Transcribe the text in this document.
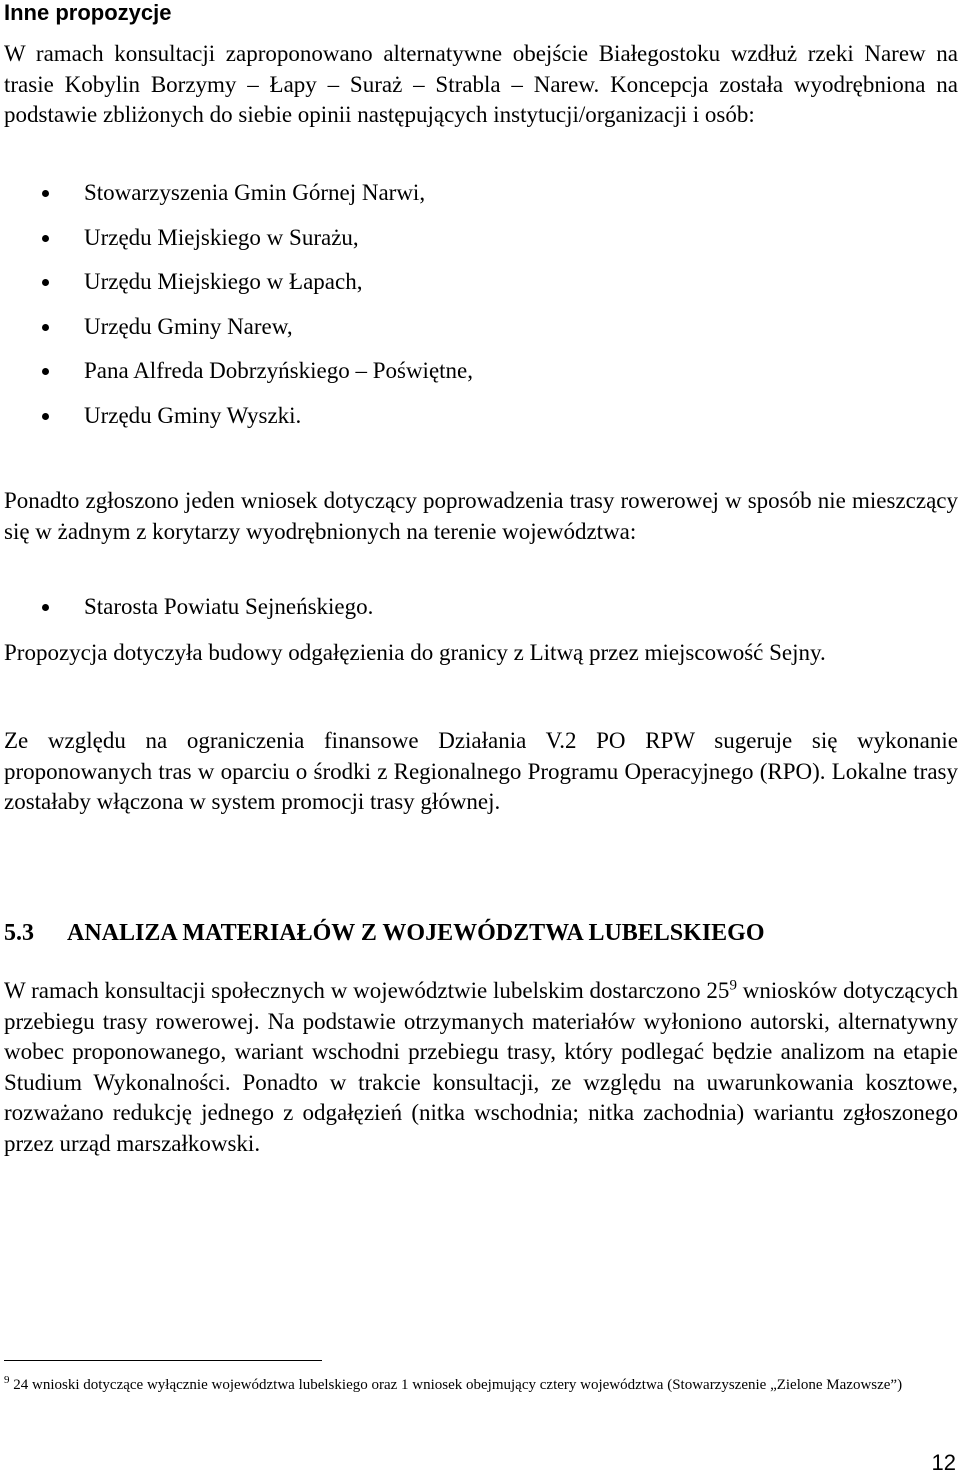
Inne propozycje

W ramach konsultacji zaproponowano alternatywne obejście Białegostoku wzdłuż rzeki Narew na trasie Kobylin Borzymy – Łapy – Suraż – Strabla – Narew. Koncepcja została wyodrębniona na podstawie zbliżonych do siebie opinii następujących instytucji/organizacji i osób:

Stowarzyszenia Gmin Górnej Narwi,
Urzędu Miejskiego w Surażu,
Urzędu Miejskiego w Łapach,
Urzędu Gminy Narew,
Pana Alfreda Dobrzyńskiego – Poświętne,
Urzędu Gminy Wyszki.

Ponadto zgłoszono jeden wniosek dotyczący poprowadzenia trasy rowerowej w sposób nie mieszczący się w żadnym z korytarzy wyodrębnionych na terenie województwa:

Starosta Powiatu Sejneńskiego.

Propozycja dotyczyła budowy odgałęzienia do granicy z Litwą przez miejscowość Sejny.

Ze względu na ograniczenia finansowe Działania V.2 PO RPW sugeruje się wykonanie proponowanych tras w oparciu o środki z Regionalnego Programu Operacyjnego (RPO). Lokalne trasy zostałaby włączona w system promocji trasy głównej.

5.3 ANALIZA MATERIAŁÓW Z WOJEWÓDZTWA LUBELSKIEGO

W ramach konsultacji społecznych w województwie lubelskim dostarczono $25^9$ wniosków dotyczących przebiegu trasy rowerowej. Na podstawie otrzymanych materiałów wyłoniono autorski, alternatywny wobec proponowanego, wariant wschodni przebiegu trasy, który podlegać będzie analizom na etapie Studium Wykonalności. Ponadto w trakcie konsultacji, ze względu na uwarunkowania kosztowe, rozważano redukcję jednego z odgałęzień (nitka wschodnia; nitka zachodnia) wariantu zgłoszonego przez urząd marszałkowski.

$^9$ 24 wnioski dotyczące wyłącznie województwa lubelskiego oraz 1 wniosek obejmujący cztery województwa (Stowarzyszenie „Zielone Mazowsze”)

12
